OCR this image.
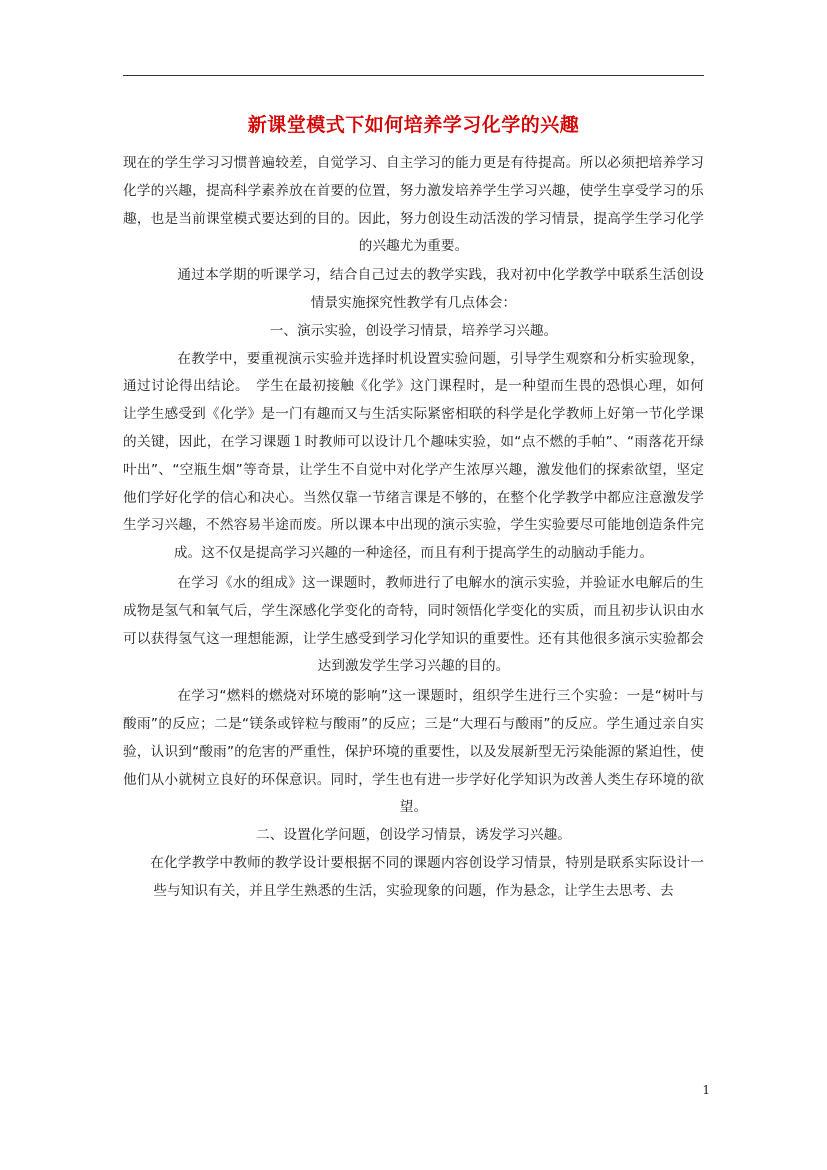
新课堂模式下如何培养学习化学的兴趣

现在的学生学习习惯普遍较差，自觉学习、自主学习的能力更是有待提高。所以必须把培养学习化学的兴趣，提高科学素养放在首要的位置，努力激发培养学生学习兴趣，使学生享受学习的乐趣，也是当前课堂模式要达到的目的。因此，努力创设生动活泼的学习情景，提高学生学习化学的兴趣尤为重要。

通过本学期的听课学习，结合自己过去的教学实践，我对初中化学教学中联系生活创设情景实施探究性教学有几点体会：

一、演示实验，创设学习情景，培养学习兴趣。

在教学中，要重视演示实验并选择时机设置实验问题，引导学生观察和分析实验现象，通过讨论得出结论。　学生在最初接触《化学》这门课程时，是一种望而生畏的恐惧心理，如何让学生感受到《化学》是一门有趣而又与生活实际紧密相联的科学是化学教师上好第一节化学课的关键，因此，在学习课题１时教师可以设计几个趣味实验，如“点不燃的手帕”、“雨落花开绿叶出”、“空瓶生烟”等奇景，让学生不自觉中对化学产生浓厚兴趣，激发他们的探索欲望，坚定他们学好化学的信心和决心。当然仅靠一节绪言课是不够的，在整个化学教学中都应注意激发学生学习兴趣，不然容易半途而废。所以课本中出现的演示实验，学生实验要尽可能地创造条件完成。这不仅是提高学习兴趣的一种途径，而且有利于提高学生的动脑动手能力。

在学习《水的组成》这一课题时，教师进行了电解水的演示实验，并验证水电解后的生成物是氢气和氧气后，学生深感化学变化的奇特，同时领悟化学变化的实质，而且初步认识由水可以获得氢气这一理想能源，让学生感受到学习化学知识的重要性。还有其他很多演示实验都会达到激发学生学习兴趣的目的。

在学习“燃料的燃烧对环境的影响”这一课题时，组织学生进行三个实验：一是“树叶与酸雨”的反应；二是“镁条或锌粒与酸雨”的反应；三是“大理石与酸雨”的反应。学生通过亲自实验，认识到“酸雨”的危害的严重性，保护环境的重要性，以及发展新型无污染能源的紧迫性，使他们从小就树立良好的环保意识。同时，学生也有进一步学好化学知识为改善人类生存环境的欲望。

二、设置化学问题，创设学习情景，诱发学习兴趣。

在化学教学中教师的教学设计要根据不同的课题内容创设学习情景，特别是联系实际设计一些与知识有关，并且学生熟悉的生活，实验现象的问题，作为悬念，让学生去思考、去

1
